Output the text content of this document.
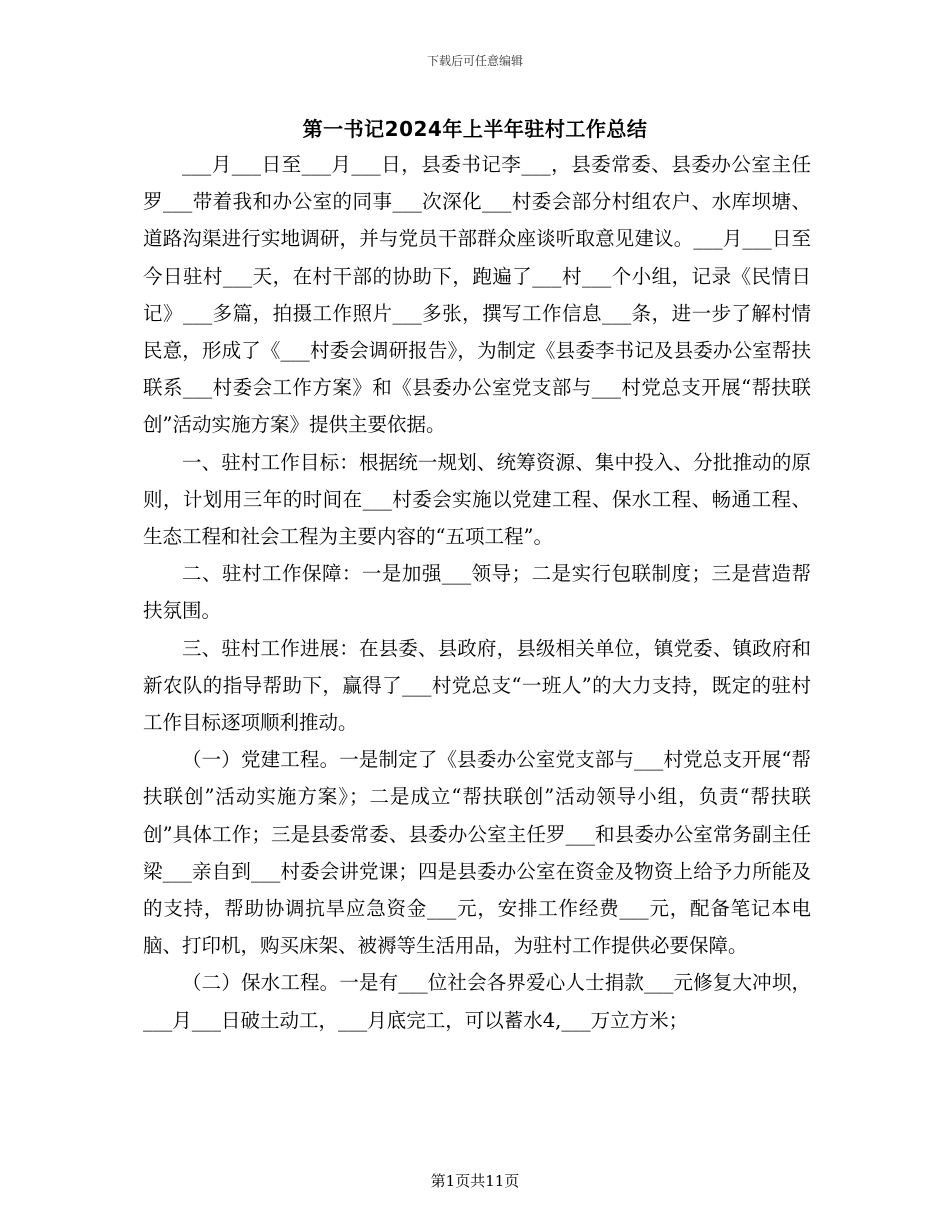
下载后可任意编辑
第一书记2024年上半年驻村工作总结

___月___日至___月___日，县委书记李___，县委常委、县委办公室主任罗___带着我和办公室的同事___次深化___村委会部分村组农户、水库坝塘、道路沟渠进行实地调研，并与党员干部群众座谈听取意见建议。___月___日至今日驻村___天，在村干部的协助下，跑遍了___村___个小组，记录《民情日记》___多篇，拍摄工作照片___多张，撰写工作信息___条，进一步了解村情民意，形成了《___村委会调研报告》，为制定《县委李书记及县委办公室帮扶联系___村委会工作方案》和《县委办公室党支部与___村党总支开展“帮扶联创”活动实施方案》提供主要依据。

一、驻村工作目标：根据统一规划、统筹资源、集中投入、分批推动的原则，计划用三年的时间在___村委会实施以党建工程、保水工程、畅通工程、生态工程和社会工程为主要内容的“五项工程”。

二、驻村工作保障：一是加强___领导；二是实行包联制度；三是营造帮扶氛围。

三、驻村工作进展：在县委、县政府，县级相关单位，镇党委、镇政府和新农队的指导帮助下，赢得了___村党总支“一班人”的大力支持，既定的驻村工作目标逐项顺利推动。

（一）党建工程。一是制定了《县委办公室党支部与___村党总支开展“帮扶联创”活动实施方案》；二是成立“帮扶联创”活动领导小组，负责“帮扶联创”具体工作；三是县委常委、县委办公室主任罗___和县委办公室常务副主任梁___亲自到___村委会讲党课；四是县委办公室在资金及物资上给予力所能及的支持，帮助协调抗旱应急资金___元，安排工作经费___元，配备笔记本电脑、打印机，购买床架、被褥等生活用品，为驻村工作提供必要保障。

（二）保水工程。一是有___位社会各界爱心人士捐款___元修复大冲坝，___月___日破土动工，___月底完工，可以蓄水4,___万立方米；

第1页共11页
